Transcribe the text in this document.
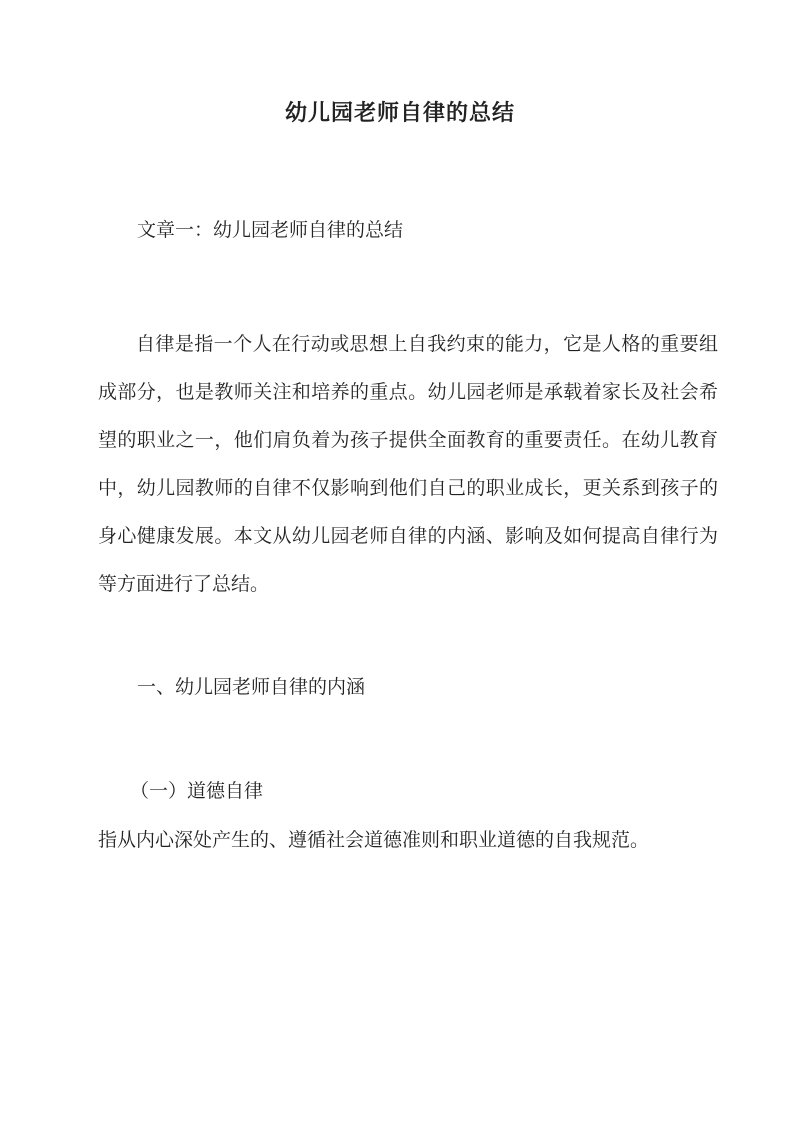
幼儿园老师自律的总结

文章一：幼儿园老师自律的总结

自律是指一个人在行动或思想上自我约束的能力，它是人格的重要组成部分，也是教师关注和培养的重点。幼儿园老师是承载着家长及社会希望的职业之一，他们肩负着为孩子提供全面教育的重要责任。在幼儿教育中，幼儿园教师的自律不仅影响到他们自己的职业成长，更关系到孩子的身心健康发展。本文从幼儿园老师自律的内涵、影响及如何提高自律行为等方面进行了总结。

一、幼儿园老师自律的内涵

（一）道德自律

指从内心深处产生的、遵循社会道德准则和职业道德的自我规范。
